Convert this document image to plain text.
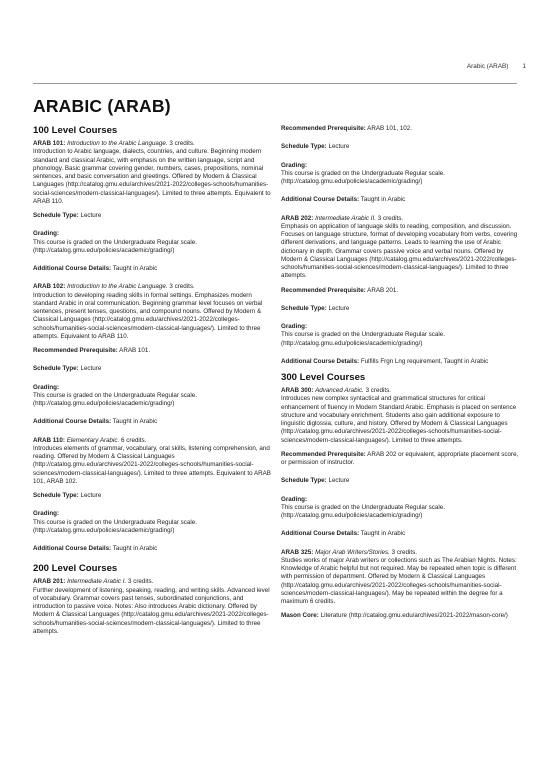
Arabic (ARAB) 1
ARABIC (ARAB)
100 Level Courses

ARAB 101: Introduction to the Arabic Language. 3 credits.
Introduction to Arabic language, dialects, countries, and culture. Beginning modern standard and classical Arabic, with emphasis on the written language, script and phonology. Basic grammar covering gender, numbers, cases, prepositions, nominal sentences, and basic conversation and greetings. Offered by Modern & Classical Languages (http://catalog.gmu.edu/archives/2021-2022/colleges-schools/humanities-social-sciences/modern-classical-languages/). Limited to three attempts. Equivalent to ARAB 110.

Schedule Type: Lecture

Grading:
This course is graded on the Undergraduate Regular scale. (http://catalog.gmu.edu/policies/academic/grading/)

Additional Course Details: Taught in Arabic

ARAB 102: Introduction to the Arabic Language. 3 credits.
Introduction to developing reading skills in formal settings. Emphasizes modern standard Arabic in oral communication. Beginning grammar level focuses on verbal sentences, present tenses, questions, and compound nouns. Offered by Modern & Classical Languages (http://catalog.gmu.edu/archives/2021-2022/colleges-schools/humanities-social-sciences/modern-classical-languages/). Limited to three attempts. Equivalent to ARAB 110.

Recommended Prerequisite: ARAB 101.

Schedule Type: Lecture

Grading:
This course is graded on the Undergraduate Regular scale. (http://catalog.gmu.edu/policies/academic/grading/)

Additional Course Details: Taught in Arabic

ARAB 110: Elementary Arabic. 6 credits.
Introduces elements of grammar, vocabulary, oral skills, listening comprehension, and reading. Offered by Modern & Classical Languages (http://catalog.gmu.edu/archives/2021-2022/colleges-schools/humanities-social-sciences/modern-classical-languages/). Limited to three attempts. Equivalent to ARAB 101, ARAB 102.

Schedule Type: Lecture

Grading:
This course is graded on the Undergraduate Regular scale. (http://catalog.gmu.edu/policies/academic/grading/)

Additional Course Details: Taught in Arabic

200 Level Courses

ARAB 201: Intermediate Arabic I. 3 credits.
Further development of listening, speaking, reading, and writing skills. Advanced level of vocabulary. Grammar covers past tenses, subordinated conjunctions, and introduction to passive voice. Notes: Also introduces Arabic dictionary. Offered by Modern & Classical Languages (http://catalog.gmu.edu/archives/2021-2022/colleges-schools/humanities-social-sciences/modern-classical-languages/). Limited to three attempts.

Recommended Prerequisite: ARAB 101, 102.

Schedule Type: Lecture

Grading:
This course is graded on the Undergraduate Regular scale. (http://catalog.gmu.edu/policies/academic/grading/)

Additional Course Details: Taught in Arabic

ARAB 202: Intermediate Arabic II. 3 credits.
Emphasis on application of language skills to reading, composition, and discussion. Focuses on language structure, format of developing vocabulary from verbs, covering different derivations, and language patterns. Leads to learning the use of Arabic dictionary in depth. Grammar covers passive voice and verbal nouns. Offered by Modern & Classical Languages (http://catalog.gmu.edu/archives/2021-2022/colleges-schools/humanities-social-sciences/modern-classical-languages/). Limited to three attempts.

Recommended Prerequisite: ARAB 201.

Schedule Type: Lecture

Grading:
This course is graded on the Undergraduate Regular scale. (http://catalog.gmu.edu/policies/academic/grading/)

Additional Course Details: Fulfills Frgn Lng requirement, Taught in Arabic

300 Level Courses

ARAB 300: Advanced Arabic. 3 credits.
Introduces new complex syntactical and grammatical structures for critical enhancement of fluency in Modern Standard Arabic. Emphasis is placed on sentence structure and vocabulary enrichment. Students also gain additional exposure to linguistic diglossia, culture, and history. Offered by Modern & Classical Languages (http://catalog.gmu.edu/archives/2021-2022/colleges-schools/humanities-social-sciences/modern-classical-languages/). Limited to three attempts.

Recommended Prerequisite: ARAB 202 or equivalent, appropriate placement score, or permission of instructor.

Schedule Type: Lecture

Grading:
This course is graded on the Undergraduate Regular scale. (http://catalog.gmu.edu/policies/academic/grading/)

Additional Course Details: Taught in Arabic

ARAB 325: Major Arab Writers/Stories. 3 credits.
Studies works of major Arab writers or collections such as The Arabian Nights. Notes: Knowledge of Arabic helpful but not required. May be repeated when topic is different with permission of department. Offered by Modern & Classical Languages (http://catalog.gmu.edu/archives/2021-2022/colleges-schools/humanities-social-sciences/modern-classical-languages/). May be repeated within the degree for a maximum 6 credits.

Mason Core: Literature (http://catalog.gmu.edu/archives/2021-2022/mason-core/)
